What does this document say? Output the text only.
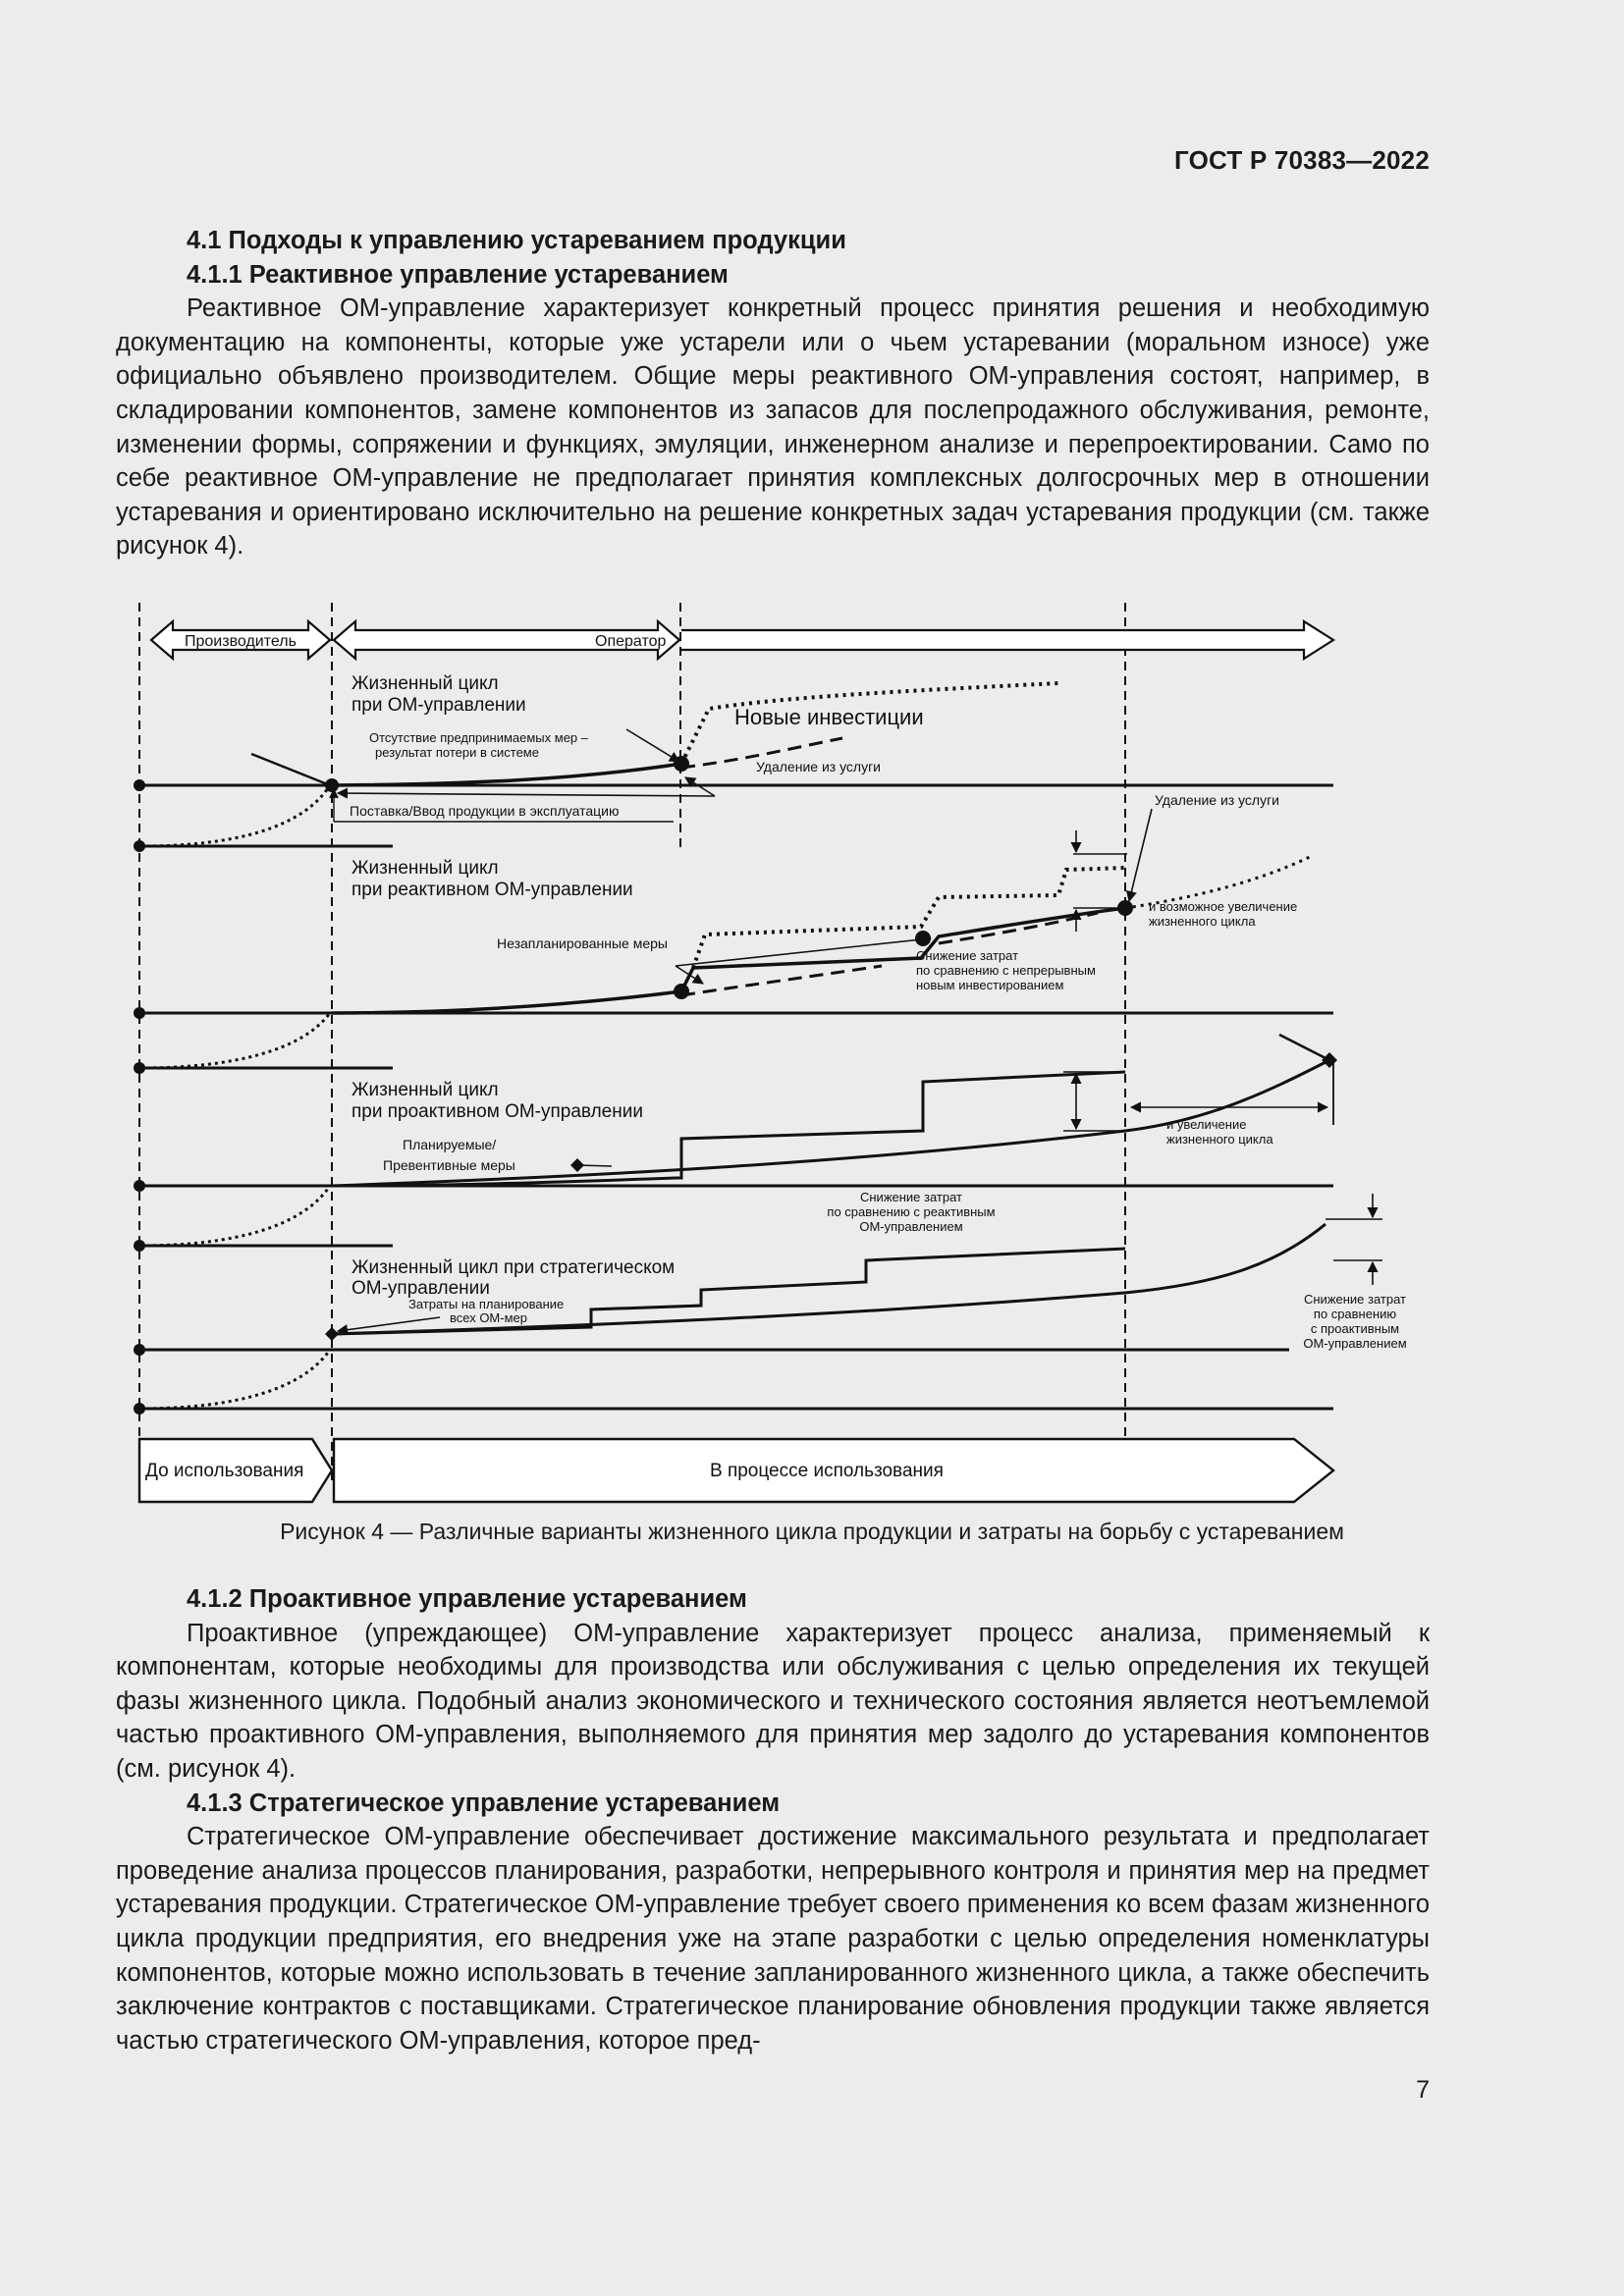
ГОСТ Р 70383—2022
4.1 Подходы к управлению устареванием продукции
4.1.1 Реактивное управление устареванием

Реактивное ОМ-управление характеризует конкретный процесс принятия решения и необходимую документацию на компоненты, которые уже устарели или о чьем устаревании (моральном износе) уже официально объявлено производителем. Общие меры реактивного ОМ-управления состоят, например, в складировании компонентов, замене компонентов из запасов для послепродажного обслуживания, ремонте, изменении формы, сопряжении и функциях, эмуляции, инженерном анализе и перепроектировании. Само по себе реактивное ОМ-управление не предполагает принятия комплексных долгосрочных мер в отношении устаревания и ориентировано исключительно на решение конкретных задач устаревания продукции (см. также рисунок 4).

Производитель	Оператор
До использования	В процессе использования
Жизненный цикл
при ОМ-управлении
Отсутствие предпринимаемых мер –
результат потери в системе
Новые инвестиции
Удаление из услуги
Поставка/Ввод продукции в эксплуатацию
Жизненный цикл
при реактивном ОМ-управлении
Удаление из услуги
и возможное увеличение
жизненного цикла
Незапланированные меры
Снижение затрат
по сравнению с непрерывным
новым инвестированием
Жизненный цикл
при проактивном ОМ-управлении
Планируемые/
Превентивные меры
и увеличение
жизненного цикла
Снижение затрат
по сравнению с реактивным
ОМ-управлением
Жизненный цикл при стратегическом
ОМ-управлении
Затраты на планирование
всех ОМ-мер
Снижение затрат
по сравнению
с проактивным
ОМ-управлением
Рисунок 4 — Различные варианты жизненного цикла продукции и затраты на борьбу с устареванием
4.1.2 Проактивное управление устареванием

Проактивное (упреждающее) ОМ-управление характеризует процесс анализа, применяемый к компонентам, которые необходимы для производства или обслуживания с целью определения их текущей фазы жизненного цикла. Подобный анализ экономического и технического состояния является неотъемлемой частью проактивного ОМ-управления, выполняемого для принятия мер задолго до устаревания компонентов (см. рисунок 4).

4.1.3 Стратегическое управление устареванием

Стратегическое ОМ-управление обеспечивает достижение максимального результата и предполагает проведение анализа процессов планирования, разработки, непрерывного контроля и принятия мер на предмет устаревания продукции. Стратегическое ОМ-управление требует своего применения ко всем фазам жизненного цикла продукции предприятия, его внедрения уже на этапе разработки с целью определения номенклатуры компонентов, которые можно использовать в течение запланированного жизненного цикла, а также обеспечить заключение контрактов с поставщиками. Стратегическое планирование обновления продукции также является частью стратегического ОМ-управления, которое пред-

7
